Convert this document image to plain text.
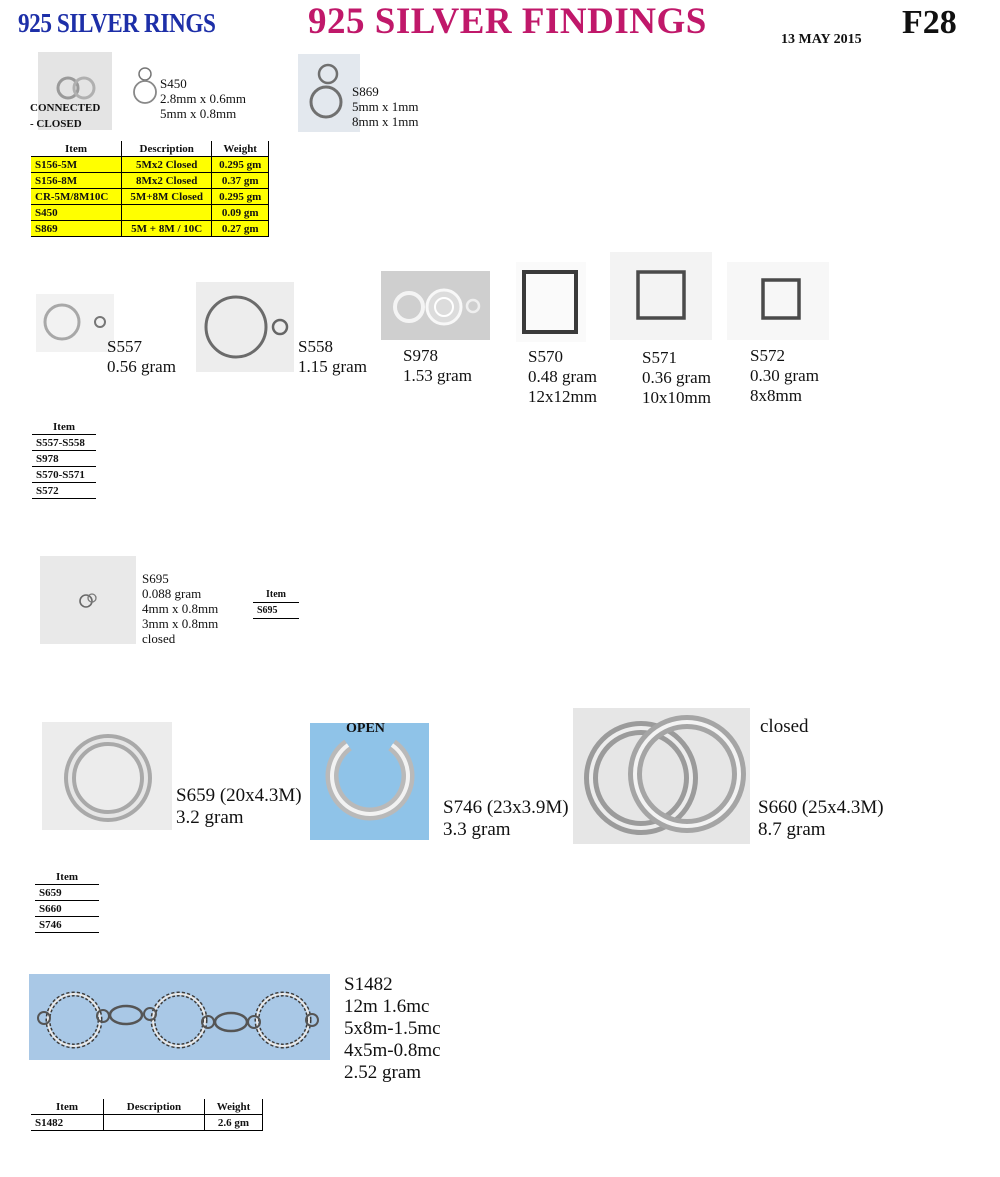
925 SILVER RINGS	925 SILVER FINDINGS	13 MAY 2015 F28
CONNECTED
- CLOSED
S450
2.8mm x 0.6mm
5mm x 0.8mm
S869
5mm x 1mm
8mm x 1mm
Item	Description	Weight
S156-5M	5Mx2 Closed	0.295 gm
S156-8M	8Mx2 Closed	0.37 gm
CR-5M/8M10C	5M+8M Closed	0.295 gm
S450		0.09 gm
S869	5M + 8M / 10C	0.27 gm
S557
0.56 gram
S558
1.15 gram
S978
1.53 gram
S570
0.48 gram
12x12mm
S571
0.36 gram
10x10mm
S572
0.30 gram
8x8mm
Item
S557-S558
S978
S570-S571
S572
S695
0.088 gram
4mm x 0.8mm
3mm x 0.8mm
closed
Item
S695
S659 (20x4.3M)
3.2 gram
OPEN
S746 (23x3.9M)
3.3 gram
closed
S660 (25x4.3M)
8.7 gram
Item
S659
S660
S746
S1482
12m 1.6mc
5x8m-1.5mc
4x5m-0.8mc
2.52 gram
Item	Description	Weight
S1482		2.6 gm
